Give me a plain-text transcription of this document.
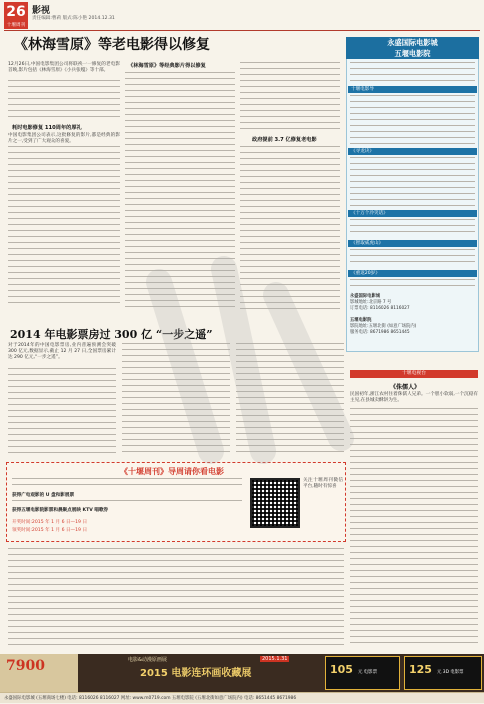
26 影视
责任编辑:曹莉 版式:陈小艳 2014.12.31
十堰周刊
《林海雪原》等老电影得以修复
12月26日,中国电影集团公司将联袂一一修复的老电影首映,影片包括《林海雪原》《小兵张嘎》等十部。
耗时电影修复 110周年的厚礼
中国电影集团公司表示,这批修复的影片,都是经典的影片之一,受到了广大观众的喜爱。
《林海雪原》等经典影片得以修复
政府提前 3.7 亿修复老电影
永盛国际电影城
五堰电影院
十堰电影导
《寻龙诀》
《十万个冷笑话》
《智取威虎山》
《重返20岁》
永盛国际电影城
影城地址:北京路 7 号
订票电话: 8116026 8116027
五堰电影院
影院地址:五堰北街 (如意广场院内)
服务电话: 8671986 8651445
2014 年电影票房过 300 亿 “一步之遥”
对于2014年的中国电影票房,业内普遍预测会突破 300 亿元,数据显示,截止 12 月 27 日,全国票房累计达 290 亿元,“一步之遥”。
十堰电视台
《侏儒人》
民国初年,浙江农村住着侏儒人兄弟。一个胆小软弱,一个沉稳有主见,在县城卖酥饼为生。
《十堰周刊》导周请你看电影
获得广电观影的 U 盘和影展票
获得五堰电影院影票和晨聚点展映 KTV 唱歌券
开奖时间:2015 年 1 月 6 日—19 日
领奖时间:2015 年 1 月 6 日—19 日
关注十堰周刊微信平台,随时有惊喜
7900	电影&动漫原画展	2015.1.31
2015 电影连环画收藏展	105 元 电影票	125 元 3D 电影票
永盛国际电影城 (五堰商场七楼) 电话: 8116026 8116027 网址: www.m0719.com 五堰电影院 (五堰北街如意广场院内) 电话: 8651445 8671986
